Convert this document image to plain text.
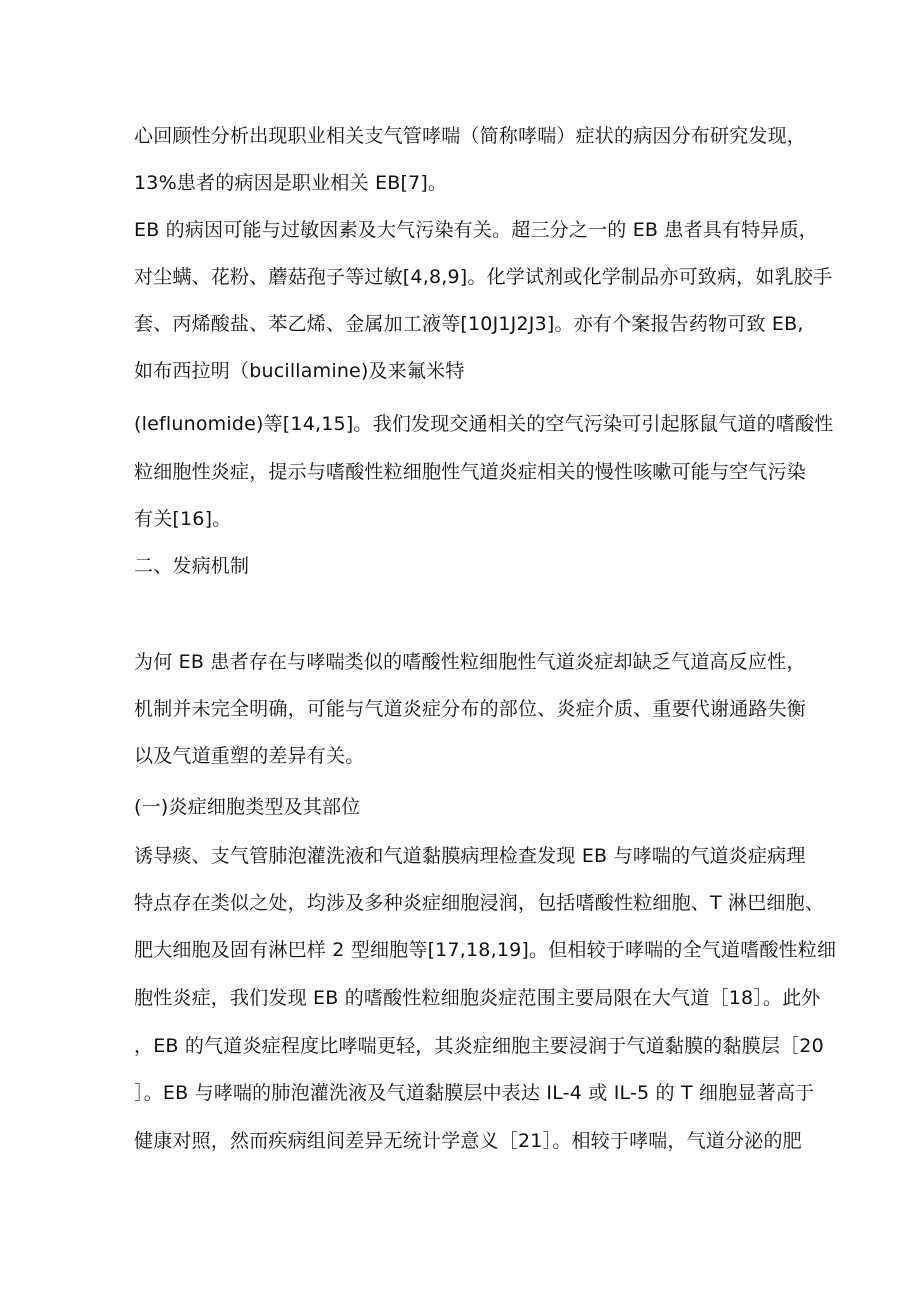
心回顾性分析出现职业相关支气管哮喘（简称哮喘）症状的病因分布研究发现，
13%患者的病因是职业相关 EB[7]。
EB 的病因可能与过敏因素及大气污染有关。超三分之一的 EB 患者具有特异质，
对尘螨、花粉、蘑菇孢子等过敏[4,8,9]。化学试剂或化学制品亦可致病，如乳胶手
套、丙烯酸盐、苯乙烯、金属加工液等[10J1J2J3]。亦有个案报告药物可致 EB,
如布西拉明（bucillamine)及来氟米特
(leflunomide)等[14,15]。我们发现交通相关的空气污染可引起豚鼠气道的嗜酸性
粒细胞性炎症，提示与嗜酸性粒细胞性气道炎症相关的慢性咳嗽可能与空气污染
有关[16]。
二、发病机制
为何 EB 患者存在与哮喘类似的嗜酸性粒细胞性气道炎症却缺乏气道高反应性，
机制并未完全明确，可能与气道炎症分布的部位、炎症介质、重要代谢通路失衡
以及气道重塑的差异有关。
(一)炎症细胞类型及其部位
诱导痰、支气管肺泡灌洗液和气道黏膜病理检查发现 EB 与哮喘的气道炎症病理
特点存在类似之处，均涉及多种炎症细胞浸润，包括嗜酸性粒细胞、T 淋巴细胞、
肥大细胞及固有淋巴样 2 型细胞等[17,18,19]。但相较于哮喘的全气道嗜酸性粒细
胞性炎症，我们发现 EB 的嗜酸性粒细胞炎症范围主要局限在大气道［18］。此外
，EB 的气道炎症程度比哮喘更轻，其炎症细胞主要浸润于气道黏膜的黏膜层［20
］。EB 与哮喘的肺泡灌洗液及气道黏膜层中表达 IL-4 或 IL-5 的 T 细胞显著高于
健康对照，然而疾病组间差异无统计学意义［21］。相较于哮喘，气道分泌的肥
